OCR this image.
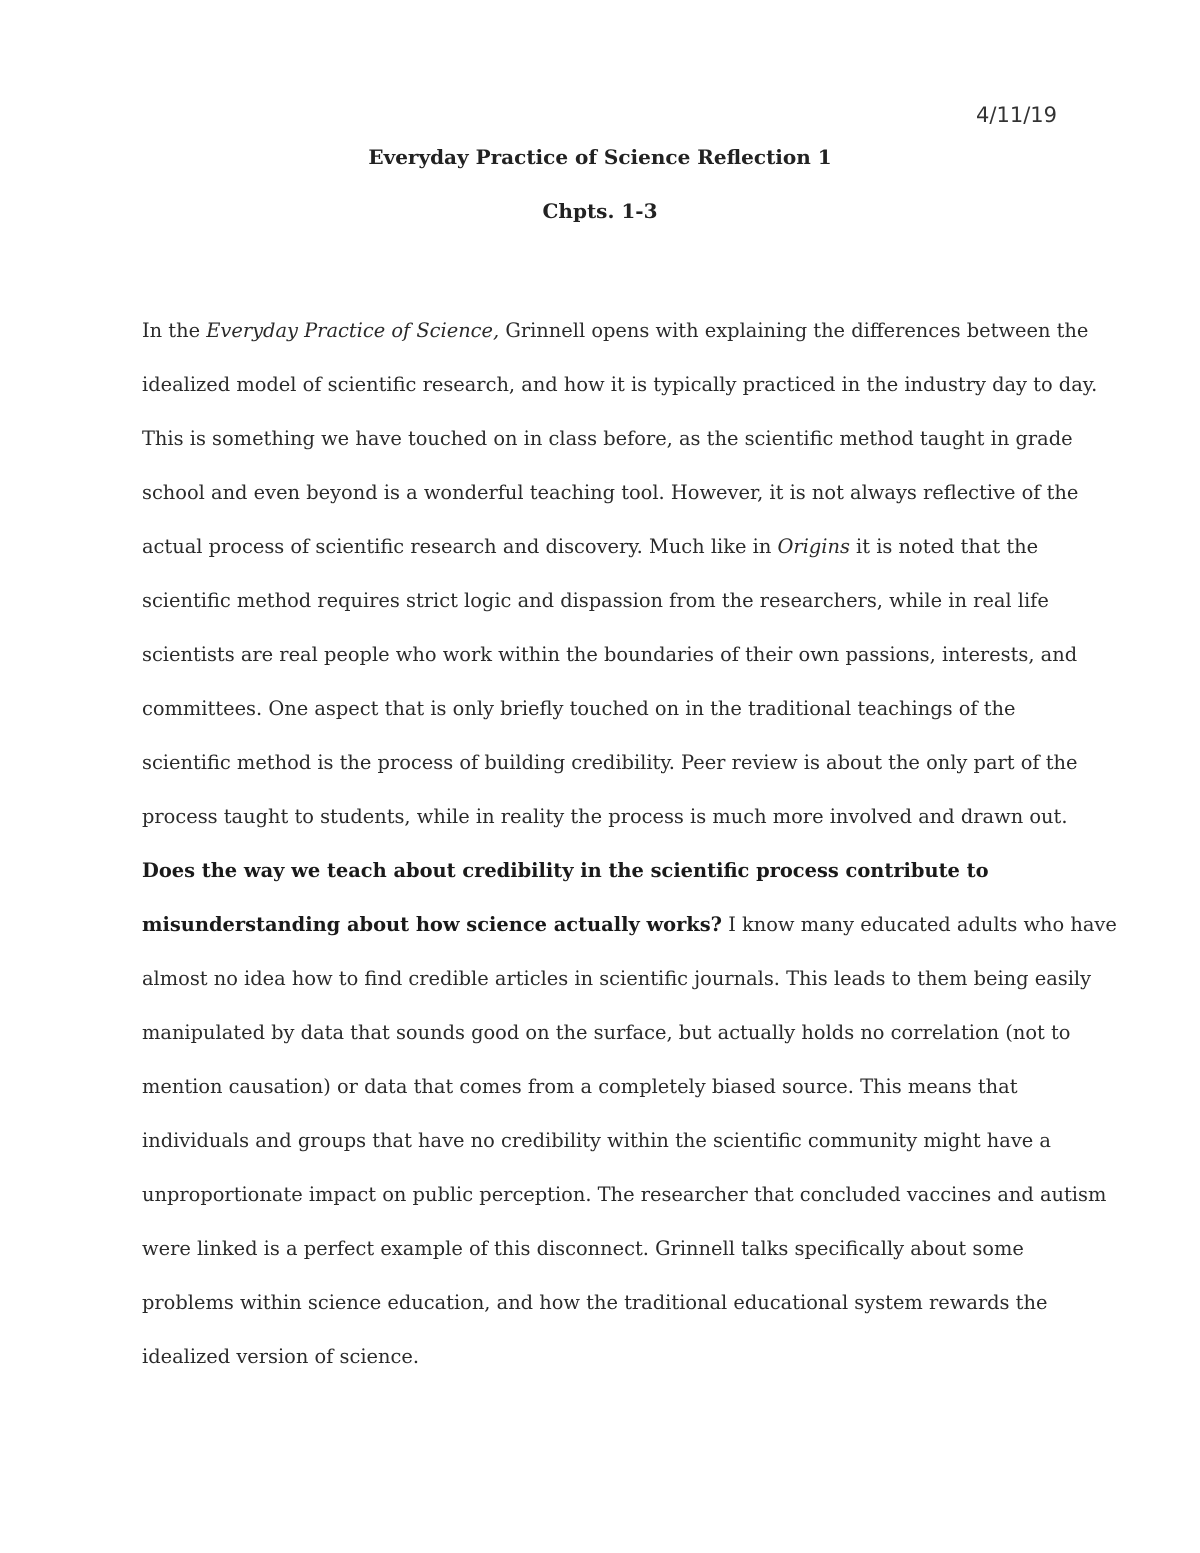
4/11/19
Everyday Practice of Science Reflection 1
Chpts. 1-3
In the Everyday Practice of Science, Grinnell opens with explaining the differences between the
idealized model of scientific research, and how it is typically practiced in the industry day to day.
This is something we have touched on in class before, as the scientific method taught in grade
school and even beyond is a wonderful teaching tool. However, it is not always reflective of the
actual process of scientific research and discovery. Much like in Origins it is noted that the
scientific method requires strict logic and dispassion from the researchers, while in real life
scientists are real people who work within the boundaries of their own passions, interests, and
committees. One aspect that is only briefly touched on in the traditional teachings of the
scientific method is the process of building credibility. Peer review is about the only part of the
process taught to students, while in reality the process is much more involved and drawn out.
Does the way we teach about credibility in the scientific process contribute to
misunderstanding about how science actually works? I know many educated adults who have
almost no idea how to find credible articles in scientific journals. This leads to them being easily
manipulated by data that sounds good on the surface, but actually holds no correlation (not to
mention causation) or data that comes from a completely biased source. This means that
individuals and groups that have no credibility within the scientific community might have a
unproportionate impact on public perception. The researcher that concluded vaccines and autism
were linked is a perfect example of this disconnect. Grinnell talks specifically about some
problems within science education, and how the traditional educational system rewards the
idealized version of science.
